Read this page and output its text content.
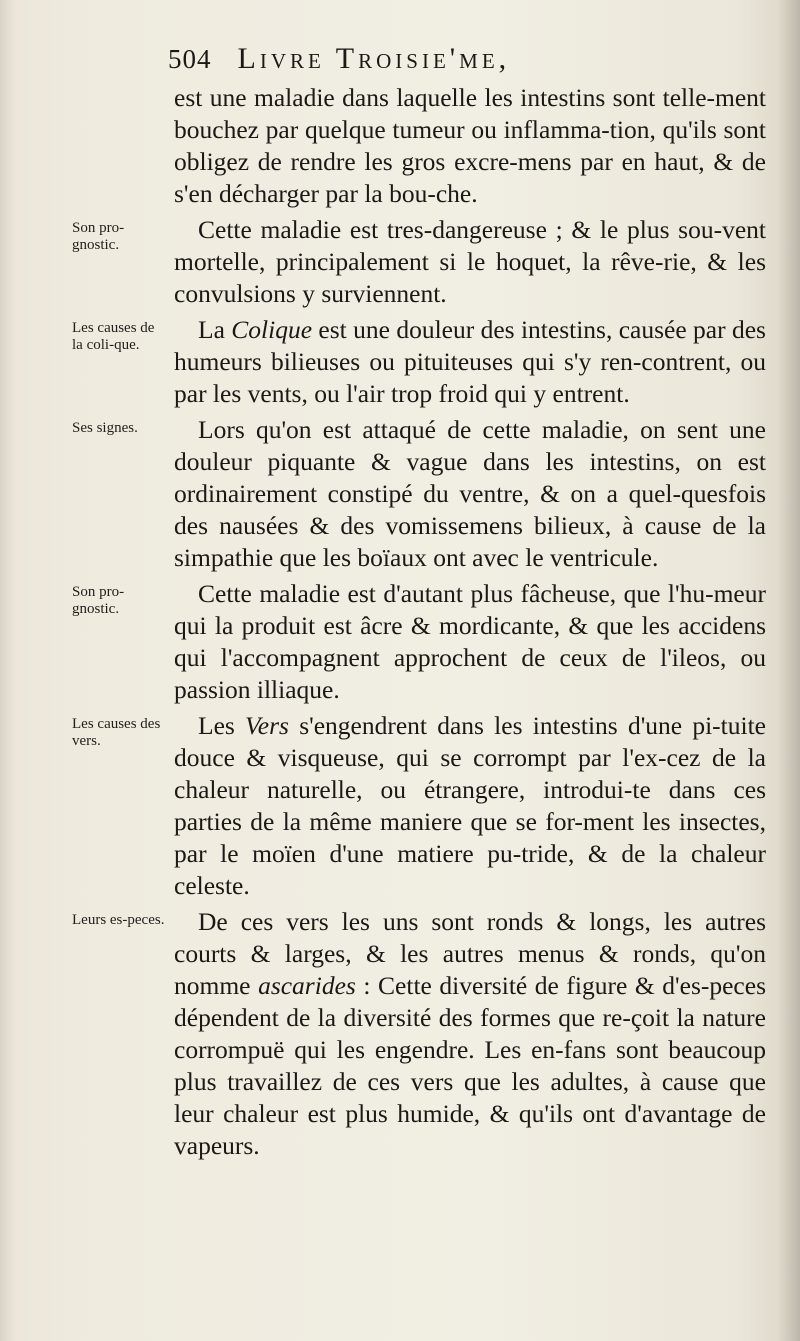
504 Livre Troisie'me,

est une maladie dans laquelle les intestins sont telle-ment bouchez par quelque tumeur ou inflamma-tion, qu'ils sont obligez de rendre les gros excre-mens par en haut, & de s'en décharger par la bou-che.

Cette maladie est tres-dangereuse ; & le plus sou-vent mortelle, principalement si le hoquet, la rêve-rie, & les convulsions y surviennent.

La Colique est une douleur des intestins, causée par des humeurs bilieuses ou pituiteuses qui s'y ren-contrent, ou par les vents, ou l'air trop froid qui y entrent.

Lors qu'on est attaqué de cette maladie, on sent une douleur piquante & vague dans les intestins, on est ordinairement constipé du ventre, & on a quel-quesfois des nausées & des vomissemens bilieux, à cause de la simpathie que les boïaux ont avec le ventricule.

Cette maladie est d'autant plus fâcheuse, que l'hu-meur qui la produit est âcre & mordicante, & que les accidens qui l'accompagnent approchent de ceux de l'ileos, ou passion illiaque.

Les Vers s'engendrent dans les intestins d'une pi-tuite douce & visqueuse, qui se corrompt par l'ex-cez de la chaleur naturelle, ou étrangere, introdui-te dans ces parties de la même maniere que se for-ment les insectes, par le moïen d'une matiere pu-tride, & de la chaleur celeste.

De ces vers les uns sont ronds & longs, les autres courts & larges, & les autres menus & ronds, qu'on nomme ascarides : Cette diversité de figure & d'es-peces dépendent de la diversité des formes que re-çoit la nature corrompuë qui les engendre. Les en-fans sont beaucoup plus travaillez de ces vers que les adultes, à cause que leur chaleur est plus humide, & qu'ils ont d'avantage de vapeurs.

Son pro-gnostic.
Les causes de la coli-que.
Ses signes.
Son pro-gnostic.
Les causes des vers.
Leurs es-peces.
